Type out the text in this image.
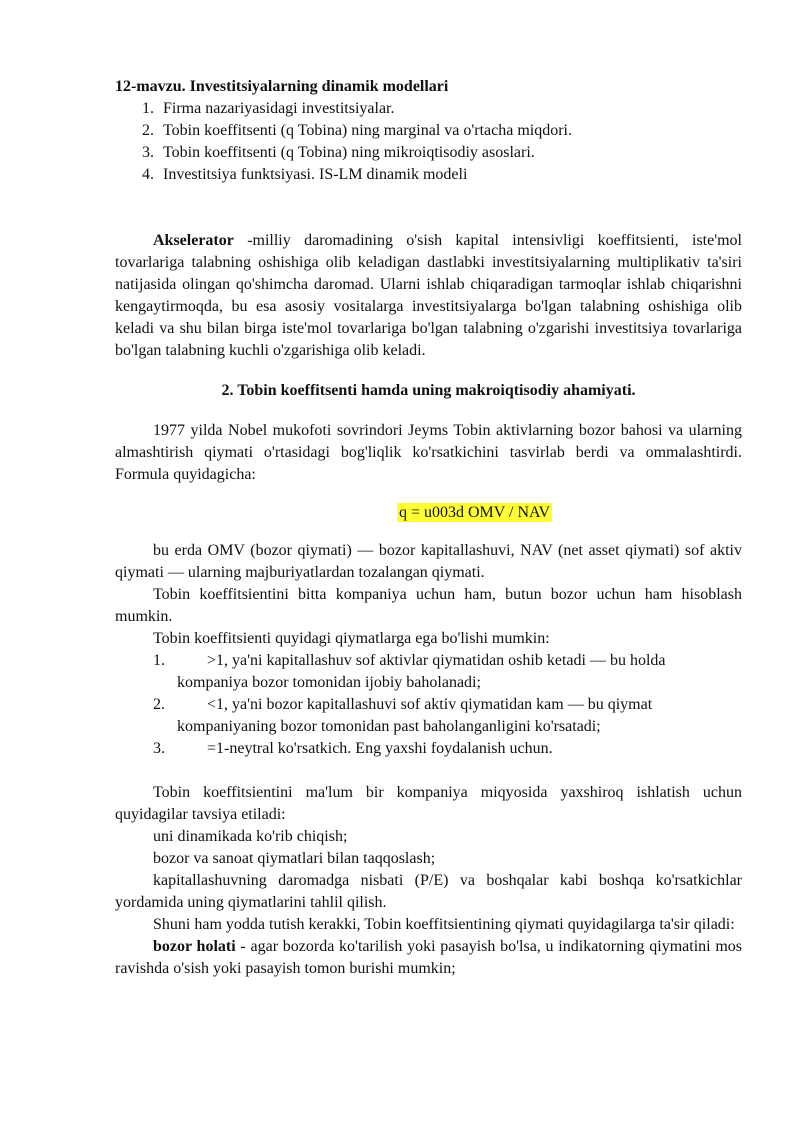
12-mavzu. Investitsiyalarning dinamik modellari

1. Firma nazariyasidagi investitsiyalar.
2. Tobin koeffitsenti (q Tobina) ning marginal va o'rtacha miqdori.
3. Tobin koeffitsenti (q Tobina) ning mikroiqtisodiy asoslari.
4. Investitsiya funktsiyasi. IS-LM dinamik modeli

Akselerator -milliy daromadining o'sish kapital intensivligi koeffitsienti, iste'mol tovarlariga talabning oshishiga olib keladigan dastlabki investitsiyalarning multiplikativ ta'siri natijasida olingan qo'shimcha daromad. Ularni ishlab chiqaradigan tarmoqlar ishlab chiqarishni kengaytirmoqda, bu esa asosiy vositalarga investitsiyalarga bo'lgan talabning oshishiga olib keladi va shu bilan birga iste'mol tovarlariga bo'lgan talabning o'zgarishi investitsiya tovarlariga bo'lgan talabning kuchli o'zgarishiga olib keladi.

2. Tobin koeffitsenti hamda uning makroiqtisodiy ahamiyati.

1977 yilda Nobel mukofoti sovrindori Jeyms Tobin aktivlarning bozor bahosi va ularning almashtirish qiymati o'rtasidagi bog'liqlik ko'rsatkichini tasvirlab berdi va ommalashtirdi. Formula quyidagicha:

q = u003d OMV / NAV

bu erda OMV (bozor qiymati) — bozor kapitallashuvi, NAV (net asset qiymati) sof aktiv qiymati — ularning majburiyatlardan tozalangan qiymati.

Tobin koeffitsientini bitta kompaniya uchun ham, butun bozor uchun ham hisoblash mumkin.

Tobin koeffitsienti quyidagi qiymatlarga ega bo'lishi mumkin:

1.	>1, ya'ni kapitallashuv sof aktivlar qiymatidan oshib ketadi — bu holda
kompaniya bozor tomonidan ijobiy baholanadi;
2.	<1, ya'ni bozor kapitallashuvi sof aktiv qiymatidan kam — bu qiymat
kompaniyaning bozor tomonidan past baholanganligini ko'rsatadi;
3.	=1-neytral ko'rsatkich. Eng yaxshi foydalanish uchun.

Tobin koeffitsientini ma'lum bir kompaniya miqyosida yaxshiroq ishlatish uchun quyidagilar tavsiya etiladi:

uni dinamikada ko'rib chiqish;

bozor va sanoat qiymatlari bilan taqqoslash;

kapitallashuvning daromadga nisbati (P/E) va boshqalar kabi boshqa ko'rsatkichlar yordamida uning qiymatlarini tahlil qilish.

Shuni ham yodda tutish kerakki, Tobin koeffitsientining qiymati quyidagilarga ta'sir qiladi:

bozor holati - agar bozorda ko'tarilish yoki pasayish bo'lsa, u indikatorning qiymatini mos ravishda o'sish yoki pasayish tomon burishi mumkin;
